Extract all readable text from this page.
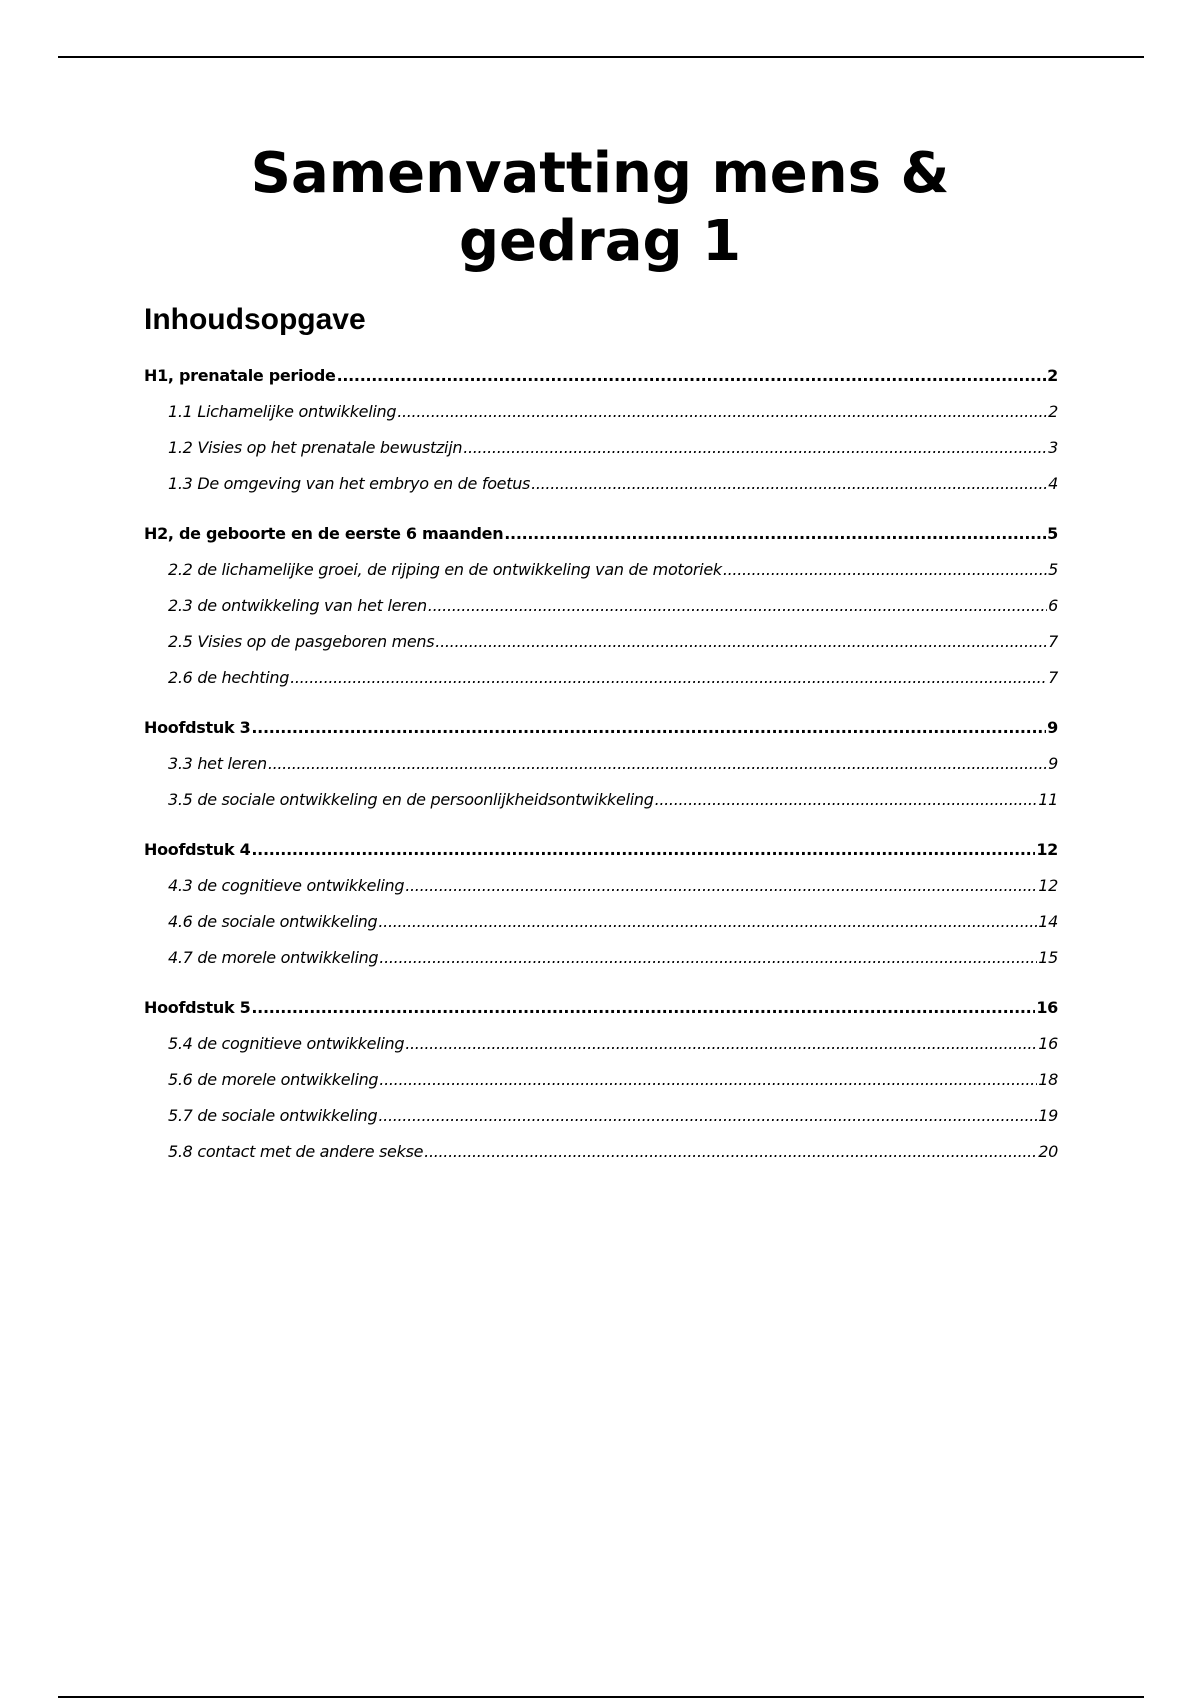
Samenvatting mens &
gedrag 1
Inhoudsopgave
H1, prenatale periode .....	2
1.1 Lichamelijke ontwikkeling .....	2
1.2 Visies op het prenatale bewustzijn .....	3
1.3 De omgeving van het embryo en de foetus .....	4
H2, de geboorte en de eerste 6 maanden .....	5
2.2 de lichamelijke groei, de rijping en de ontwikkeling van de motoriek .....	5
2.3 de ontwikkeling van het leren .....	6
2.5 Visies op de pasgeboren mens .....	7
2.6 de hechting .....	7
Hoofdstuk 3 .....	9
3.3 het leren .....	9
3.5 de sociale ontwikkeling en de persoonlijkheidsontwikkeling .....	11
Hoofdstuk 4 .....	12
4.3 de cognitieve ontwikkeling .....	12
4.6 de sociale ontwikkeling .....	14
4.7 de morele ontwikkeling .....	15
Hoofdstuk 5 .....	16
5.4 de cognitieve ontwikkeling .....	16
5.6 de morele ontwikkeling .....	18
5.7 de sociale ontwikkeling .....	19
5.8 contact met de andere sekse .....	20
